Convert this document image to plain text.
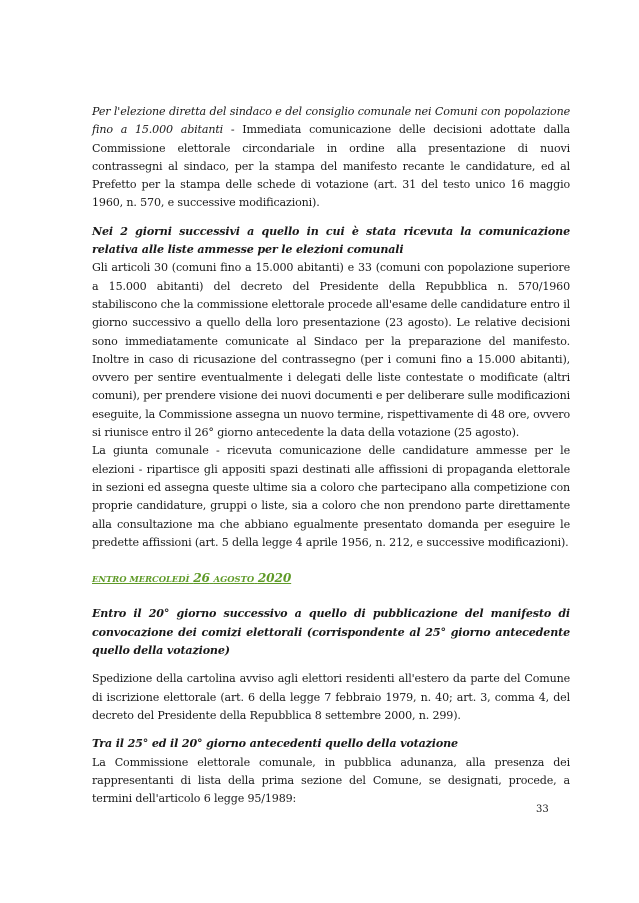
Per l'elezione diretta del sindaco e del consiglio comunale nei Comuni con popolazione fino a 15.000 abitanti - Immediata comunicazione delle decisioni adottate dalla Commissione elettorale circondariale in ordine alla presentazione di nuovi contrassegni al sindaco, per la stampa del manifesto recante le candidature, ed al Prefetto per la stampa delle schede di votazione (art. 31 del testo unico 16 maggio 1960, n. 570, e successive modificazioni).

Nei 2 giorni successivi a quello in cui è stata ricevuta la comunicazione relativa alle liste ammesse per le elezioni comunali

Gli articoli 30 (comuni fino a 15.000 abitanti) e 33 (comuni con popolazione superiore a 15.000 abitanti) del decreto del Presidente della Repubblica n. 570/1960 stabiliscono che la commissione elettorale procede all'esame delle candidature entro il giorno successivo a quello della loro presentazione (23 agosto). Le relative decisioni sono immediatamente comunicate al Sindaco per la preparazione del manifesto. Inoltre in caso di ricusazione del contrassegno (per i comuni fino a 15.000 abitanti), ovvero per sentire eventualmente i delegati delle liste contestate o modificate (altri comuni), per prendere visione dei nuovi documenti e per deliberare sulle modificazioni eseguite, la Commissione assegna un nuovo termine, rispettivamente di 48 ore, ovvero si riunisce entro il 26° giorno antecedente la data della votazione (25 agosto).

La giunta comunale - ricevuta comunicazione delle candidature ammesse per le elezioni - ripartisce gli appositi spazi destinati alle affissioni di propaganda elettorale in sezioni ed assegna queste ultime sia a coloro che partecipano alla competizione con proprie candidature, gruppi o liste, sia a coloro che non prendono parte direttamente alla consultazione ma che abbiano egualmente presentato domanda per eseguire le predette affissioni (art. 5 della legge 4 aprile 1956, n. 212, e successive modificazioni).

ENTRO MERCOLEDÌ 26 AGOSTO 2020

Entro il 20° giorno successivo a quello di pubblicazione del manifesto di convocazione dei comizi elettorali (corrispondente al 25° giorno antecedente quello della votazione)

Spedizione della cartolina avviso agli elettori residenti all'estero da parte del Comune di iscrizione elettorale (art. 6 della legge 7 febbraio 1979, n. 40; art. 3, comma 4, del decreto del Presidente della Repubblica 8 settembre 2000, n. 299).

Tra il 25° ed il 20° giorno antecedenti quello della votazione

La Commissione elettorale comunale, in pubblica adunanza, alla presenza dei rappresentanti di lista della prima sezione del Comune, se designati, procede, a termini dell'articolo 6 legge 95/1989:

33
